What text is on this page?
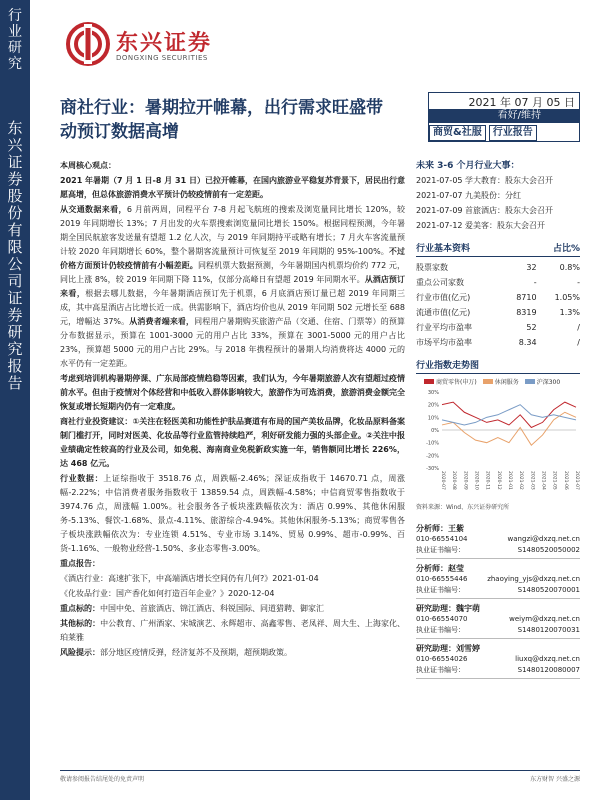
行
业
研
究
东
兴
证
券
股
份
有
限
公
司
证
券
研
究
报
告
东兴证券
DONGXING SECURITIES
商社行业：暑期拉开帷幕，出行需求旺盛带动预订数据高增
2021 年 07 月 05 日
看好/维持
商贸&社服	行业报告

本周核心观点：

2021 年暑期（7 月 1 日-8 月 31 日）已拉开帷幕，在国内旅游业平稳复苏背景下，居民出行意愿高增，但总体旅游消费水平预计仍较疫情前有一定差距。

从交通数据来看，6 月前两周，同程平台 7-8 月起飞航班的搜索及浏览量同比增长 120%，较 2019 年同期增长 13%；7 月出发的火车票搜索浏览量同比增长 150%。根据同程预测，今年暑期全国民航旅客发送量有望超 1.2 亿人次，与 2019 年同期持平或略有增长；7 月火车客流量预计较 2020 年同期增长 60%，整个暑期客流量预计可恢复至 2019 年同期的 95%-100%。不过价格方面预计仍较疫情前有小幅差距。同程机票大数据预测，今年暑期国内机票均价约 772 元，同比上涨 8%，较 2019 年同期下降 11%，仅部分高峰日有望超 2019 年同期水平。从酒店预订来看，根据去哪儿数据，今年暑期酒店预订先于机票，6 月底酒店预订量已超 2019 年同期三成，其中高星酒店占比增长近一成。供需影响下，酒店均价也从 2019 年同期 502 元增长至 688 元，增幅达 37%。从消费者端来看，同程用户暑期购买旅游产品（交通、住宿、门票等）的预算分布数据显示，预算在 1001-3000 元的用户占比 33%，预算在 3001-5000 元的用户占比 23%，预算超 5000 元的用户占比 29%。与 2018 年携程预计的暑期人均消费将达 4000 元的水平仍有一定差距。

考虑到培训机构暑期停课、广东局部疫情趋稳等因素，我们认为，今年暑期旅游人次有望超过疫情前水平。但由于疫情对个体经营和中低收入群体影响较大，旅游作为可选消费，旅游消费金额完全恢复或增长短期内仍有一定难度。

商社行业投资建议：①关注在轻医美和功能性护肤品赛道有布局的国产美妆品牌，化妆品原料备案制门槛打开，同时对医美、化妆品等行业监管持续趋严，利好研发能力强的头部企业。②关注中报业绩确定性较高的行业及公司，如免税、海南商业免税新政实施一年，销售额同比增长 226%，达 468 亿元。

行业数据：上证综指收于 3518.76 点，周跌幅-2.46%；深证成指收于 14670.71 点，周涨幅-2.22%；中信消费者服务指数收于 13859.54 点，周跌幅-4.58%；中信商贸零售指数收于 3974.76 点，周涨幅 1.00%。社会服务各子板块涨跌幅依次为：酒店 0.99%、其他休闲服务-5.13%、餐饮-1.68%、景点-4.11%、旅游综合-4.94%。其他休闲服务-5.13%；商贸零售各子板块涨跌幅依次为：专业连锁 4.51%、专业市场 3.14%、贸易 0.99%、超市-0.99%、百货-1.16%、一般物业经营-1.50%、多业态零售-3.00%。

重点报告：

《酒店行业：高速扩张下，中高端酒店增长空间仍有几何?》2021-01-04

《化妆品行业：国产香化如何打造百年企业？》2020-12-04

重点标的：中国中免、首旅酒店、锦江酒店、科锐国际、同道猎聘、御家汇

其他标的：中公教育、广州酒家、宋城演艺、永辉超市、高鑫零售、老凤祥、周大生、上海家化、珀莱雅

风险提示：部分地区疫情反弹，经济复苏不及预期，超预期政策。

未来 3-6 个月行业大事：
2021-07-05 学大教育：股东大会召开
2021-07-07 九美股份：分红
2021-07-09 首旅酒店：股东大会召开
2021-07-12 爱美客：股东大会召开
行业基本资料	占比%
股票家数	32	0.8%
重点公司家数	-	-
行业市值(亿元)	8710	1.05%
流通市值(亿元)	8319	1.3%
行业平均市盈率	52	/
市场平均市盈率	8.34	/
行业指数走势图
商贸零售(申万)	休闲服务	沪深300
30%
20%
10%
0%
-10%
-20%
-30%
2020-07 2020-08 2020-09 2020-10 2020-11 2020-12 2021-01 2021-02 2021-03 2021-04 2021-05 2021-06 2021-07
资料来源：Wind、东兴证券研究所
分析师：王紫
010-66554104	wangzi@dxzq.net.cn
执业证书编号：	S1480520050002
分析师：赵莹
010-66555446	zhaoying_yjs@dxzq.net.cn
执业证书编号：	S1480520070001
研究助理：魏宇萌
010-66554070	weiym@dxzq.net.cn
执业证书编号：	S1480120070031
研究助理：刘雪婷
010-66554026	liuxq@dxzq.net.cn
执业证书编号：	S1480120080007
敬请参阅报告结尾处的免责声明	东方财智 兴盛之源
